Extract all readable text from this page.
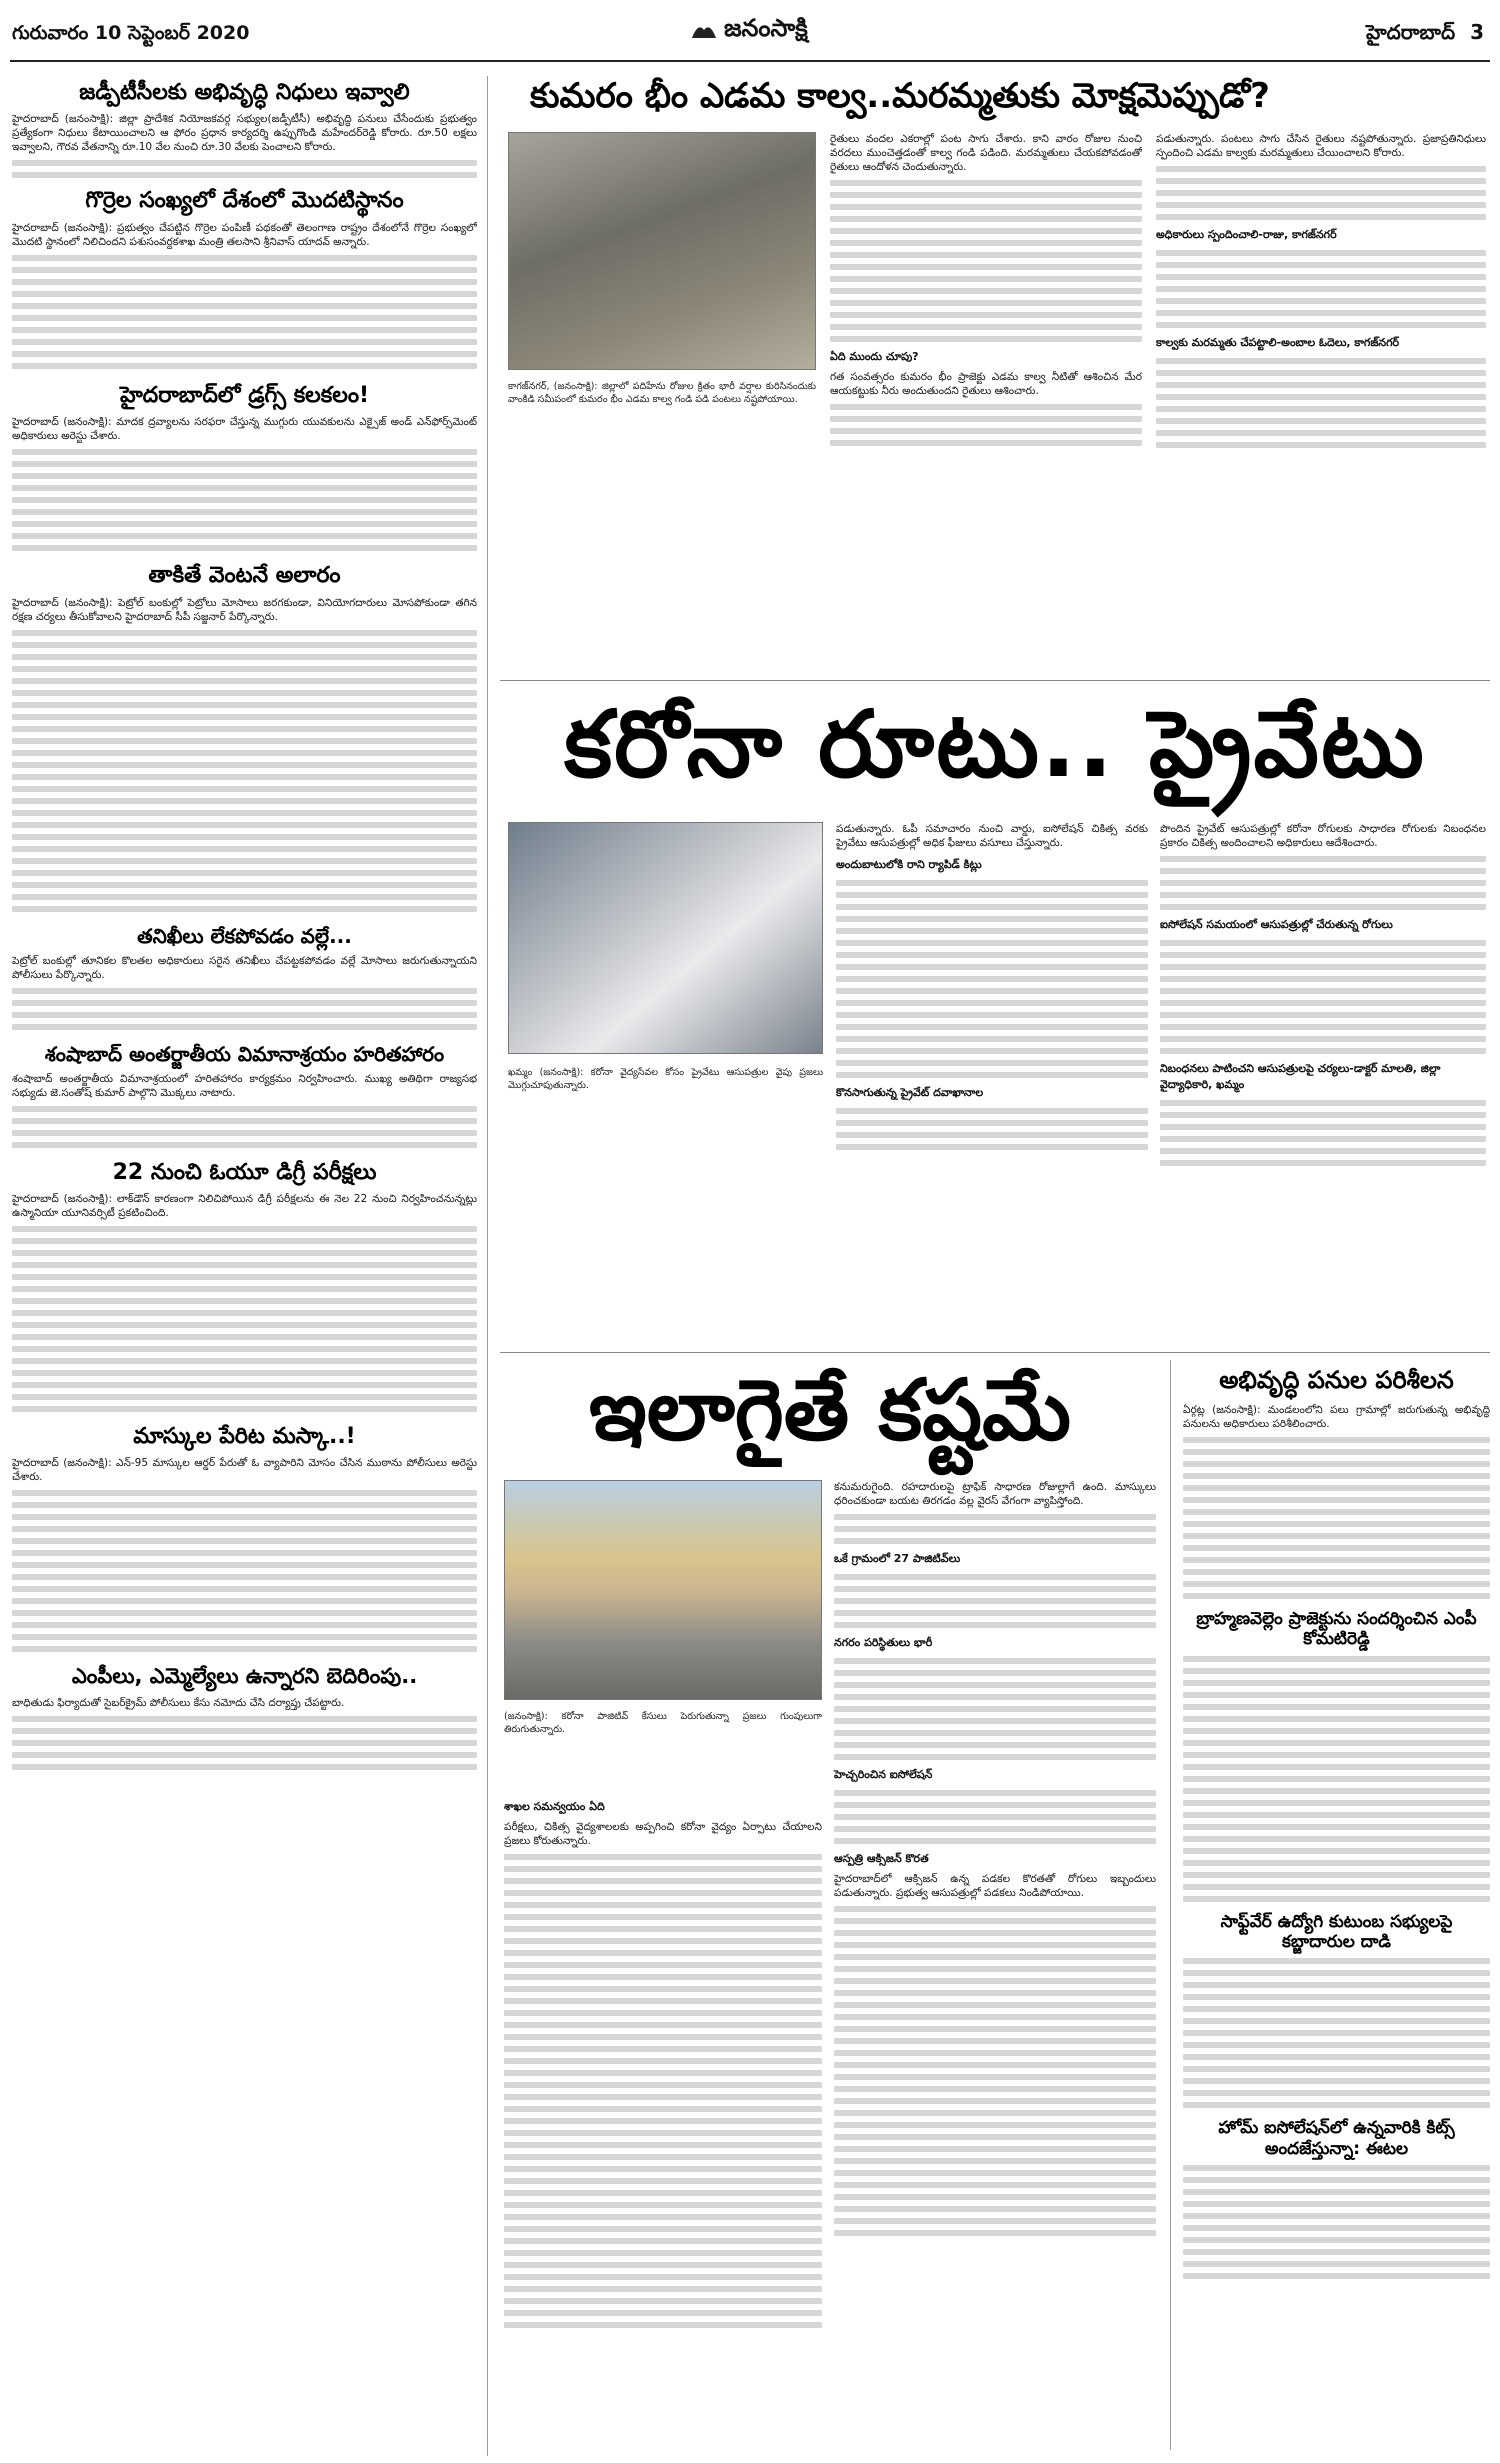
గురువారం 10 సెప్టెంబర్ 2020	జనంసాక్షి	హైదరాబాద్ 3
జడ్పీటీసీలకు అభివృద్ధి నిధులు ఇవ్వాలి
హైదరాబాద్‌ (జనంసాక్షి): జిల్లా ప్రాదేశిక నియోజకవర్గ సభ్యుల(జడ్పీటీసీ) అభివృద్ధి పనులు చేసేందుకు ప్రభుత్వం ప్రత్యేకంగా నిధులు కేటాయించాలని ఆ ఫోరం ప్రధాన కార్యదర్శి ఉప్పుగొండి మహేందర్‌రెడ్డి కోరారు. రూ.50 లక్షలు ఇవ్వాలని, గౌరవ వేతనాన్ని రూ.10 వేల నుంచి రూ.30 వేలకు పెంచాలని కోరారు.
గొర్రెల సంఖ్యలో దేశంలో మొదటిస్థానం
హైదరాబాద్‌ (జనంసాక్షి): ప్రభుత్వం చేపట్టిన గొర్రెల పంపిణీ పథకంతో తెలంగాణ రాష్ట్రం దేశంలోనే గొర్రెల సంఖ్యలో మొదటి స్థానంలో నిలిచిందని పశుసంవర్ధకశాఖ మంత్రి తలసాని శ్రీనివాస్‌ యాదవ్‌ అన్నారు.
హైదరాబాద్‌లో డ్రగ్స్‌ కలకలం!
హైదరాబాద్‌ (జనంసాక్షి): మాదక ద్రవ్యాలను సరఫరా చేస్తున్న ముగ్గురు యువకులను ఎక్సైజ్‌ అండ్‌ ఎన్‌ఫోర్స్‌మెంట్‌ అధికారులు అరెస్టు చేశారు.
తాకితే వెంటనే అలారం
హైదరాబాద్‌ (జనంసాక్షి): పెట్రోల్‌ బంకుల్లో పెట్రోలు మోసాలు జరగకుండా, వినియోగదారులు మోసపోకుండా తగిన రక్షణ చర్యలు తీసుకోవాలని హైదరాబాద్‌ సీపీ సజ్జనార్‌ పేర్కొన్నారు.
తనిఖీలు లేకపోవడం వల్లే...
పెట్రోల్‌ బంకుల్లో తూనికల కొలతల అధికారులు సరైన తనిఖీలు చేపట్టకపోవడం వల్లే మోసాలు జరుగుతున్నాయని పోలీసులు పేర్కొన్నారు.
శంషాబాద్‌ అంతర్జాతీయ విమానాశ్రయం హరితహారం
శంషాబాద్‌ అంతర్జాతీయ విమానాశ్రయంలో హరితహారం కార్యక్రమం నిర్వహించారు. ముఖ్య అతిథిగా రాజ్యసభ సభ్యుడు జె.సంతోష్‌ కుమార్‌ పాల్గొని మొక్కలు నాటారు.
22 నుంచి ఓయూ డిగ్రీ పరీక్షలు
హైదరాబాద్‌ (జనంసాక్షి): లాక్‌డౌన్‌ కారణంగా నిలిచిపోయిన డిగ్రీ పరీక్షలను ఈ నెల 22 నుంచి నిర్వహించనున్నట్లు ఉస్మానియా యూనివర్సిటీ ప్రకటించింది.
మాస్కుల పేరిట మస్కా..!
హైదరాబాద్‌ (జనంసాక్షి): ఎన్‌-95 మాస్కుల ఆర్డర్‌ పేరుతో ఓ వ్యాపారిని మోసం చేసిన ముఠాను పోలీసులు అరెస్టు చేశారు.
ఎంపీలు, ఎమ్మెల్యేలు ఉన్నారని బెదిరింపు..
బాధితుడు ఫిర్యాదుతో సైబర్‌క్రైమ్‌ పోలీసులు కేసు నమోదు చేసి దర్యాప్తు చేపట్టారు.
కుమరం భీం ఎడమ కాల్వ..మరమ్మతుకు మోక్షమెప్పుడో?
కాగజ్‌నగర్‌, (జనంసాక్షి): జిల్లాలో పదిహేను రోజుల క్రితం భారీ వర్షాల కురిసినందుకు వాంకిడి సమీపంలో కుమరం భీం ఎడమ కాల్వ గండి పడి పంటలు నష్టపోయాయి.
రైతులు వందల ఎకరాల్లో పంట సాగు చేశారు. కాని వారం రోజుల నుంచి వరదలు ముంచెత్తడంతో కాల్వ గండి పడింది. మరమ్మతులు చేయకపోవడంతో రైతులు ఆందోళన చెందుతున్నారు.
ఏది ముందు చూపు?
గత సంవత్సరం కుమరం భీం ప్రాజెక్టు ఎడమ కాల్వ నీటితో ఆశించిన మేర ఆయకట్టుకు నీరు అందుతుందని రైతులు ఆశించారు.
పడుతున్నారు. పంటలు సాగు చేసిన రైతులు నష్టపోతున్నారు. ప్రజాప్రతినిధులు స్పందించి ఎడమ కాల్వకు మరమ్మతులు చేయించాలని కోరారు.
అధికారులు స్పందించాలి-రాజు, కాగజ్‌నగర్‌
కాల్వకు మరమ్మతు చేపట్టాలి-అంబాల ఓదెలు, కాగజ్‌నగర్‌
కరోనా రూటు.. ప్రైవేటు
ఖమ్మం (జనంసాక్షి): కరోనా వైద్యసేవల కోసం ప్రైవేటు ఆసుపత్రుల వైపు ప్రజలు మొగ్గుచూపుతున్నారు.
పడుతున్నారు. ఓపీ సమాచారం నుంచి వార్డు, ఐసోలేషన్‌ చికిత్స వరకు ప్రైవేటు ఆసుపత్రుల్లో అధిక ఫీజులు వసూలు చేస్తున్నారు.
అందుబాటులోకి రాని ర్యాపిడ్‌ కిట్లు
కొనసాగుతున్న ప్రైవేట్‌ దవాఖానాల
పొందిన ప్రైవేట్‌ ఆసుపత్రుల్లో కరోనా రోగులకు సాధారణ రోగులకు నిబంధనల ప్రకారం చికిత్స అందించాలని అధికారులు ఆదేశించారు.
ఐసోలేషన్‌ సమయంలో ఆసుపత్రుల్లో చేరుతున్న రోగులు
నిబంధనలు పాటించని ఆసుపత్రులపై చర్యలు-డాక్టర్‌ మాలతి, జిల్లా వైద్యాధికారి, ఖమ్మం
అభివృద్ధి పనుల పరిశీలన
ఏర్గట్ల (జనంసాక్షి): మండలంలోని పలు గ్రామాల్లో జరుగుతున్న అభివృద్ధి పనులను అధికారులు పరిశీలించారు.
బ్రాహ్మణవెల్లెం ప్రాజెక్టును సందర్శించిన ఎంపీ కోమటిరెడ్డి
సాఫ్ట్‌వేర్‌ ఉద్యోగి కుటుంబ సభ్యులపై కబ్జాదారుల దాడి
హోమ్‌ ఐసోలేషన్‌లో ఉన్నవారికి కిట్స్‌ అందజేస్తున్నా: ఈటల
ఇలాగైతే కష్టమే
(జనంసాక్షి): కరోనా పాజిటివ్‌ కేసులు పెరుగుతున్నా ప్రజలు గుంపులుగా తిరుగుతున్నారు.
శాఖల సమన్వయం ఏది
పరీక్షలు, చికిత్స వైద్యశాలలకు అప్పగించి కరోనా వైద్యం ఏర్పాటు చేయాలని ప్రజలు కోరుతున్నారు.
కనుమరుగైంది. రహదారులపై ట్రాఫిక్‌ సాధారణ రోజుల్లాగే ఉంది. మాస్కులు ధరించకుండా బయట తిరగడం వల్ల వైరస్‌ వేగంగా వ్యాపిస్తోంది.
ఒకే గ్రామంలో 27 పాజిటివ్‌లు
నగరం పరిస్థితులు భారీ
హెచ్చరించిన ఐసోలేషన్‌
ఆస్పత్రి ఆక్సిజన్‌ కొరత
హైదరాబాద్‌లో ఆక్సిజన్‌ ఉన్న పడకల కొరతతో రోగులు ఇబ్బందులు పడుతున్నారు. ప్రభుత్వ ఆసుపత్రుల్లో పడకలు నిండిపోయాయి.
